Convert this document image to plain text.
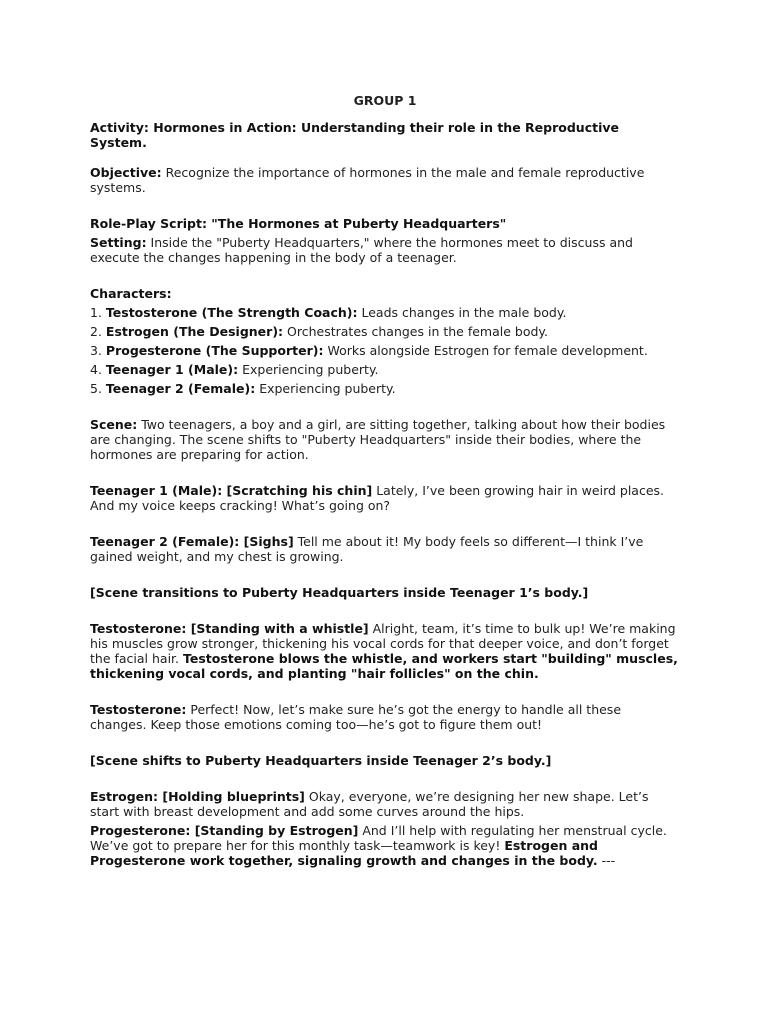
GROUP 1

Activity: Hormones in Action: Understanding their role in the Reproductive System.

Objective: Recognize the importance of hormones in the male and female reproductive systems.

Role-Play Script: "The Hormones at Puberty Headquarters"

Setting: Inside the "Puberty Headquarters," where the hormones meet to discuss and execute the changes happening in the body of a teenager.

Characters:

1. Testosterone (The Strength Coach): Leads changes in the male body.

2. Estrogen (The Designer): Orchestrates changes in the female body.

3. Progesterone (The Supporter): Works alongside Estrogen for female development.

4. Teenager 1 (Male): Experiencing puberty.

5. Teenager 2 (Female): Experiencing puberty.

Scene: Two teenagers, a boy and a girl, are sitting together, talking about how their bodies are changing. The scene shifts to "Puberty Headquarters" inside their bodies, where the hormones are preparing for action.

Teenager 1 (Male): [Scratching his chin] Lately, I’ve been growing hair in weird places. And my voice keeps cracking! What’s going on?

Teenager 2 (Female): [Sighs] Tell me about it! My body feels so different—I think I’ve gained weight, and my chest is growing.

[Scene transitions to Puberty Headquarters inside Teenager 1’s body.]

Testosterone: [Standing with a whistle] Alright, team, it’s time to bulk up! We’re making his muscles grow stronger, thickening his vocal cords for that deeper voice, and don’t forget the facial hair. Testosterone blows the whistle, and workers start "building" muscles, thickening vocal cords, and planting "hair follicles" on the chin.

Testosterone: Perfect! Now, let’s make sure he’s got the energy to handle all these changes. Keep those emotions coming too—he’s got to figure them out!

[Scene shifts to Puberty Headquarters inside Teenager 2’s body.]

Estrogen: [Holding blueprints] Okay, everyone, we’re designing her new shape. Let’s start with breast development and add some curves around the hips.

Progesterone: [Standing by Estrogen] And I’ll help with regulating her menstrual cycle. We’ve got to prepare her for this monthly task—teamwork is key! Estrogen and Progesterone work together, signaling growth and changes in the body. ---
